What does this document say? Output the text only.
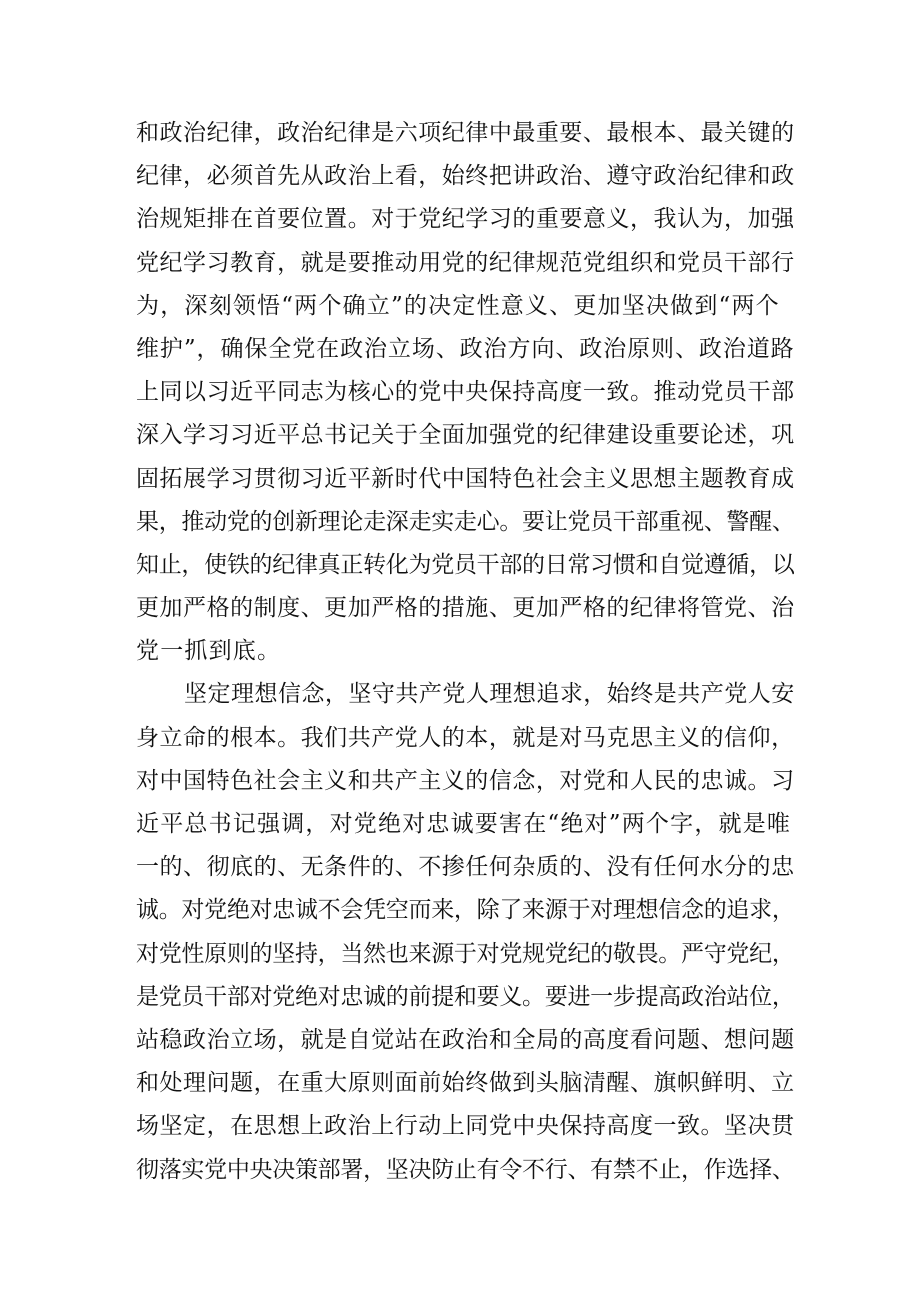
和政治纪律，政治纪律是六项纪律中最重要、最根本、最关键的
纪律，必须首先从政治上看，始终把讲政治、遵守政治纪律和政
治规矩排在首要位置。对于党纪学习的重要意义，我认为，加强
党纪学习教育，就是要推动用党的纪律规范党组织和党员干部行
为，深刻领悟“两个确立”的决定性意义、更加坚决做到“两个
维护”，确保全党在政治立场、政治方向、政治原则、政治道路
上同以习近平同志为核心的党中央保持高度一致。推动党员干部
深入学习习近平总书记关于全面加强党的纪律建设重要论述，巩
固拓展学习贯彻习近平新时代中国特色社会主义思想主题教育成
果，推动党的创新理论走深走实走心。要让党员干部重视、警醒、
知止，使铁的纪律真正转化为党员干部的日常习惯和自觉遵循，以
更加严格的制度、更加严格的措施、更加严格的纪律将管党、治
党一抓到底。
坚定理想信念，坚守共产党人理想追求，始终是共产党人安
身立命的根本。我们共产党人的本，就是对马克思主义的信仰，
对中国特色社会主义和共产主义的信念，对党和人民的忠诚。习
近平总书记强调，对党绝对忠诚要害在“绝对”两个字，就是唯
一的、彻底的、无条件的、不掺任何杂质的、没有任何水分的忠
诚。对党绝对忠诚不会凭空而来，除了来源于对理想信念的追求，
对党性原则的坚持，当然也来源于对党规党纪的敬畏。严守党纪，
是党员干部对党绝对忠诚的前提和要义。要进一步提高政治站位，
站稳政治立场，就是自觉站在政治和全局的高度看问题、想问题
和处理问题，在重大原则面前始终做到头脑清醒、旗帜鲜明、立
场坚定，在思想上政治上行动上同党中央保持高度一致。坚决贯
彻落实党中央决策部署，坚决防止有令不行、有禁不止，作选择、
